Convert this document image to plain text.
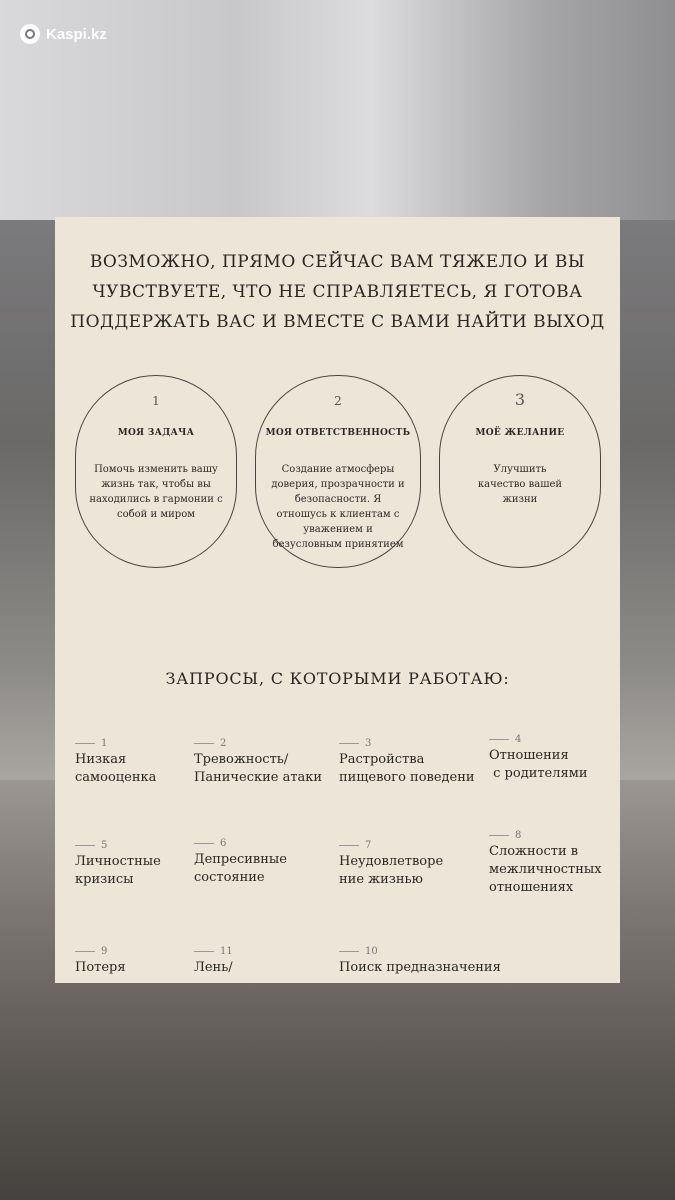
Kaspi.kz
ВОЗМОЖНО, ПРЯМО СЕЙЧАС ВАМ ТЯЖЕЛО И ВЫ
ЧУВСТВУЕТЕ, ЧТО НЕ СПРАВЛЯЕТЕСЬ, Я ГОТОВА
ПОДДЕРЖАТЬ ВАС И ВМЕСТЕ С ВАМИ НАЙТИ ВЫХОД
1
МОЯ ЗАДАЧА
Помочь изменить вашу жизнь так, чтобы вы находились в гармонии с собой и миром
2
МОЯ ОТВЕТСТВЕННОСТЬ
Создание атмосферы доверия, прозрачности и безопасности. Я отношусь к клиентам с уважением и безусловным принятием
3
МОЁ ЖЕЛАНИЕ
Улучшить качество вашей жизни
ЗАПРОСЫ, С КОТОРЫМИ РАБОТАЮ:
1
Низкая
самооценка
2
Тревожность/
Панические атаки
3
Растройства
пищевого поведени
4
Отношения
с родителями
5
Личностные
кризисы
6
Депресивные
состояние
7
Неудовлетворе
ние жизнью
8
Сложности в
межличностных
отношениях
9
Потеря
11
Лень/
10
Поиск предназначения
